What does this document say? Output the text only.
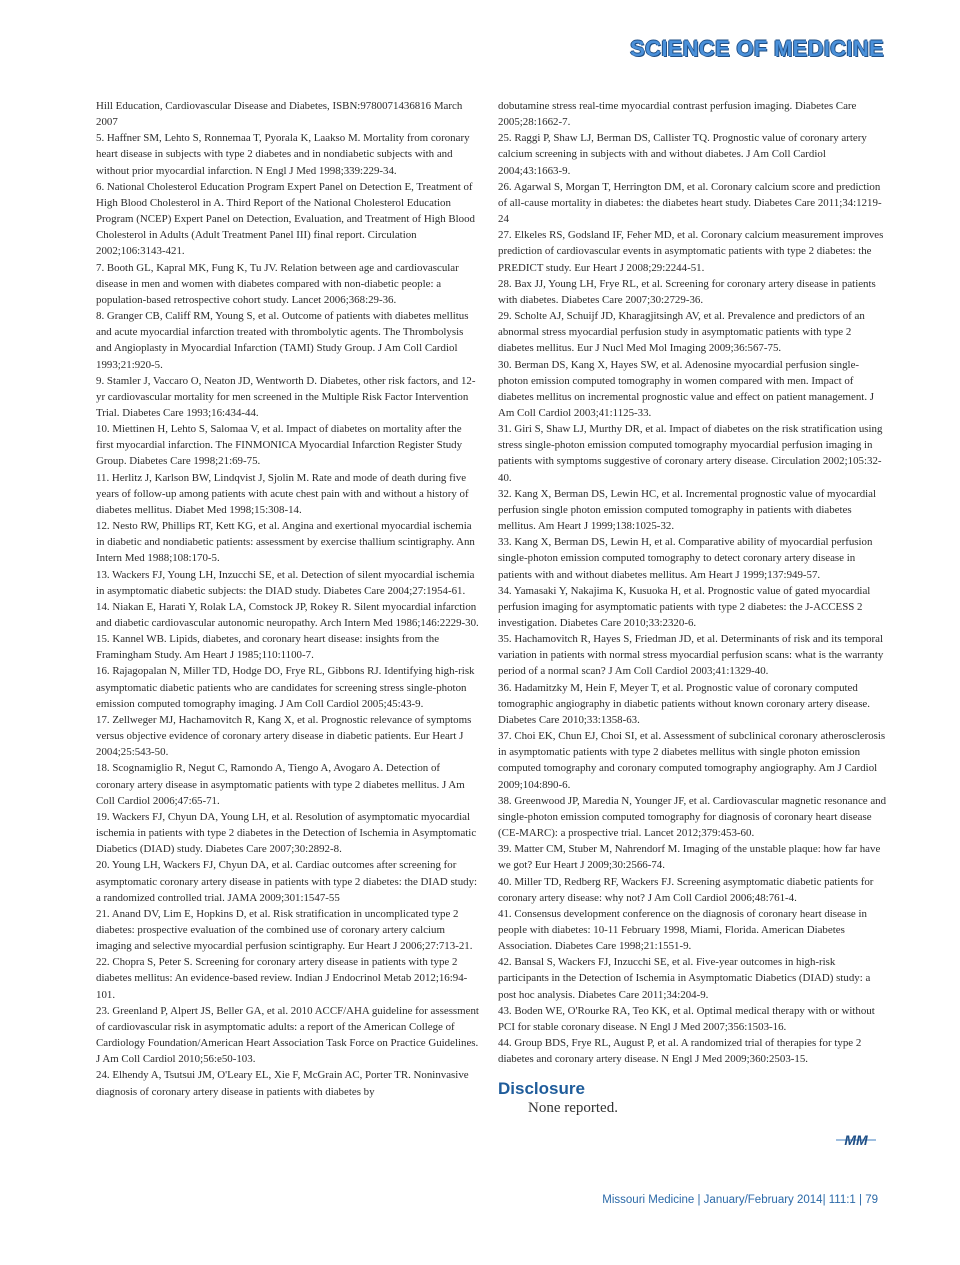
SCIENCE OF MEDICINE

Hill Education, Cardiovascular Disease and Diabetes, ISBN:9780071436816 March 2007

5. Haffner SM, Lehto S, Ronnemaa T, Pyorala K, Laakso M. Mortality from coronary heart disease in subjects with type 2 diabetes and in nondiabetic subjects with and without prior myocardial infarction. N Engl J Med 1998;339:229-34.

6. National Cholesterol Education Program Expert Panel on Detection E, Treatment of High Blood Cholesterol in A. Third Report of the National Cholesterol Education Program (NCEP) Expert Panel on Detection, Evaluation, and Treatment of High Blood Cholesterol in Adults (Adult Treatment Panel III) final report. Circulation 2002;106:3143-421.

7. Booth GL, Kapral MK, Fung K, Tu JV. Relation between age and cardiovascular disease in men and women with diabetes compared with non-diabetic people: a population-based retrospective cohort study. Lancet 2006;368:29-36.

8. Granger CB, Califf RM, Young S, et al. Outcome of patients with diabetes mellitus and acute myocardial infarction treated with thrombolytic agents. The Thrombolysis and Angioplasty in Myocardial Infarction (TAMI) Study Group. J Am Coll Cardiol 1993;21:920-5.

9. Stamler J, Vaccaro O, Neaton JD, Wentworth D. Diabetes, other risk factors, and 12-yr cardiovascular mortality for men screened in the Multiple Risk Factor Intervention Trial. Diabetes Care 1993;16:434-44.

10. Miettinen H, Lehto S, Salomaa V, et al. Impact of diabetes on mortality after the first myocardial infarction. The FINMONICA Myocardial Infarction Register Study Group. Diabetes Care 1998;21:69-75.

11. Herlitz J, Karlson BW, Lindqvist J, Sjolin M. Rate and mode of death during five years of follow-up among patients with acute chest pain with and without a history of diabetes mellitus. Diabet Med 1998;15:308-14.

12. Nesto RW, Phillips RT, Kett KG, et al. Angina and exertional myocardial ischemia in diabetic and nondiabetic patients: assessment by exercise thallium scintigraphy. Ann Intern Med 1988;108:170-5.

13. Wackers FJ, Young LH, Inzucchi SE, et al. Detection of silent myocardial ischemia in asymptomatic diabetic subjects: the DIAD study. Diabetes Care 2004;27:1954-61.

14. Niakan E, Harati Y, Rolak LA, Comstock JP, Rokey R. Silent myocardial infarction and diabetic cardiovascular autonomic neuropathy. Arch Intern Med 1986;146:2229-30.

15. Kannel WB. Lipids, diabetes, and coronary heart disease: insights from the Framingham Study. Am Heart J 1985;110:1100-7.

16. Rajagopalan N, Miller TD, Hodge DO, Frye RL, Gibbons RJ. Identifying high-risk asymptomatic diabetic patients who are candidates for screening stress single-photon emission computed tomography imaging. J Am Coll Cardiol 2005;45:43-9.

17. Zellweger MJ, Hachamovitch R, Kang X, et al. Prognostic relevance of symptoms versus objective evidence of coronary artery disease in diabetic patients. Eur Heart J 2004;25:543-50.

18. Scognamiglio R, Negut C, Ramondo A, Tiengo A, Avogaro A. Detection of coronary artery disease in asymptomatic patients with type 2 diabetes mellitus. J Am Coll Cardiol 2006;47:65-71.

19. Wackers FJ, Chyun DA, Young LH, et al. Resolution of asymptomatic myocardial ischemia in patients with type 2 diabetes in the Detection of Ischemia in Asymptomatic Diabetics (DIAD) study. Diabetes Care 2007;30:2892-8.

20. Young LH, Wackers FJ, Chyun DA, et al. Cardiac outcomes after screening for asymptomatic coronary artery disease in patients with type 2 diabetes: the DIAD study: a randomized controlled trial. JAMA 2009;301:1547-55

21. Anand DV, Lim E, Hopkins D, et al. Risk stratification in uncomplicated type 2 diabetes: prospective evaluation of the combined use of coronary artery calcium imaging and selective myocardial perfusion scintigraphy. Eur Heart J 2006;27:713-21.

22. Chopra S, Peter S. Screening for coronary artery disease in patients with type 2 diabetes mellitus: An evidence-based review. Indian J Endocrinol Metab 2012;16:94-101.

23. Greenland P, Alpert JS, Beller GA, et al. 2010 ACCF/AHA guideline for assessment of cardiovascular risk in asymptomatic adults: a report of the American College of Cardiology Foundation/American Heart Association Task Force on Practice Guidelines. J Am Coll Cardiol 2010;56:e50-103.

24. Elhendy A, Tsutsui JM, O'Leary EL, Xie F, McGrain AC, Porter TR. Noninvasive diagnosis of coronary artery disease in patients with diabetes by

dobutamine stress real-time myocardial contrast perfusion imaging. Diabetes Care 2005;28:1662-7.

25. Raggi P, Shaw LJ, Berman DS, Callister TQ. Prognostic value of coronary artery calcium screening in subjects with and without diabetes. J Am Coll Cardiol 2004;43:1663-9.

26. Agarwal S, Morgan T, Herrington DM, et al. Coronary calcium score and prediction of all-cause mortality in diabetes: the diabetes heart study. Diabetes Care 2011;34:1219-24

27. Elkeles RS, Godsland IF, Feher MD, et al. Coronary calcium measurement improves prediction of cardiovascular events in asymptomatic patients with type 2 diabetes: the PREDICT study. Eur Heart J 2008;29:2244-51.

28. Bax JJ, Young LH, Frye RL, et al. Screening for coronary artery disease in patients with diabetes. Diabetes Care 2007;30:2729-36.

29. Scholte AJ, Schuijf JD, Kharagjitsingh AV, et al. Prevalence and predictors of an abnormal stress myocardial perfusion study in asymptomatic patients with type 2 diabetes mellitus. Eur J Nucl Med Mol Imaging 2009;36:567-75.

30. Berman DS, Kang X, Hayes SW, et al. Adenosine myocardial perfusion single-photon emission computed tomography in women compared with men. Impact of diabetes mellitus on incremental prognostic value and effect on patient management. J Am Coll Cardiol 2003;41:1125-33.

31. Giri S, Shaw LJ, Murthy DR, et al. Impact of diabetes on the risk stratification using stress single-photon emission computed tomography myocardial perfusion imaging in patients with symptoms suggestive of coronary artery disease. Circulation 2002;105:32-40.

32. Kang X, Berman DS, Lewin HC, et al. Incremental prognostic value of myocardial perfusion single photon emission computed tomography in patients with diabetes mellitus. Am Heart J 1999;138:1025-32.

33. Kang X, Berman DS, Lewin H, et al. Comparative ability of myocardial perfusion single-photon emission computed tomography to detect coronary artery disease in patients with and without diabetes mellitus. Am Heart J 1999;137:949-57.

34. Yamasaki Y, Nakajima K, Kusuoka H, et al. Prognostic value of gated myocardial perfusion imaging for asymptomatic patients with type 2 diabetes: the J-ACCESS 2 investigation. Diabetes Care 2010;33:2320-6.

35. Hachamovitch R, Hayes S, Friedman JD, et al. Determinants of risk and its temporal variation in patients with normal stress myocardial perfusion scans: what is the warranty period of a normal scan? J Am Coll Cardiol 2003;41:1329-40.

36. Hadamitzky M, Hein F, Meyer T, et al. Prognostic value of coronary computed tomographic angiography in diabetic patients without known coronary artery disease. Diabetes Care 2010;33:1358-63.

37. Choi EK, Chun EJ, Choi SI, et al. Assessment of subclinical coronary atherosclerosis in asymptomatic patients with type 2 diabetes mellitus with single photon emission computed tomography and coronary computed tomography angiography. Am J Cardiol 2009;104:890-6.

38. Greenwood JP, Maredia N, Younger JF, et al. Cardiovascular magnetic resonance and single-photon emission computed tomography for diagnosis of coronary heart disease (CE-MARC): a prospective trial. Lancet 2012;379:453-60.

39. Matter CM, Stuber M, Nahrendorf M. Imaging of the unstable plaque: how far have we got? Eur Heart J 2009;30:2566-74.

40. Miller TD, Redberg RF, Wackers FJ. Screening asymptomatic diabetic patients for coronary artery disease: why not? J Am Coll Cardiol 2006;48:761-4.

41. Consensus development conference on the diagnosis of coronary heart disease in people with diabetes: 10-11 February 1998, Miami, Florida. American Diabetes Association. Diabetes Care 1998;21:1551-9.

42. Bansal S, Wackers FJ, Inzucchi SE, et al. Five-year outcomes in high-risk participants in the Detection of Ischemia in Asymptomatic Diabetics (DIAD) study: a post hoc analysis. Diabetes Care 2011;34:204-9.

43. Boden WE, O'Rourke RA, Teo KK, et al. Optimal medical therapy with or without PCI for stable coronary disease. N Engl J Med 2007;356:1503-16.

44. Group BDS, Frye RL, August P, et al. A randomized trial of therapies for type 2 diabetes and coronary artery disease. N Engl J Med 2009;360:2503-15.

Disclosure
None reported.
MM
Missouri Medicine | January/February 2014| 111:1 | 79
